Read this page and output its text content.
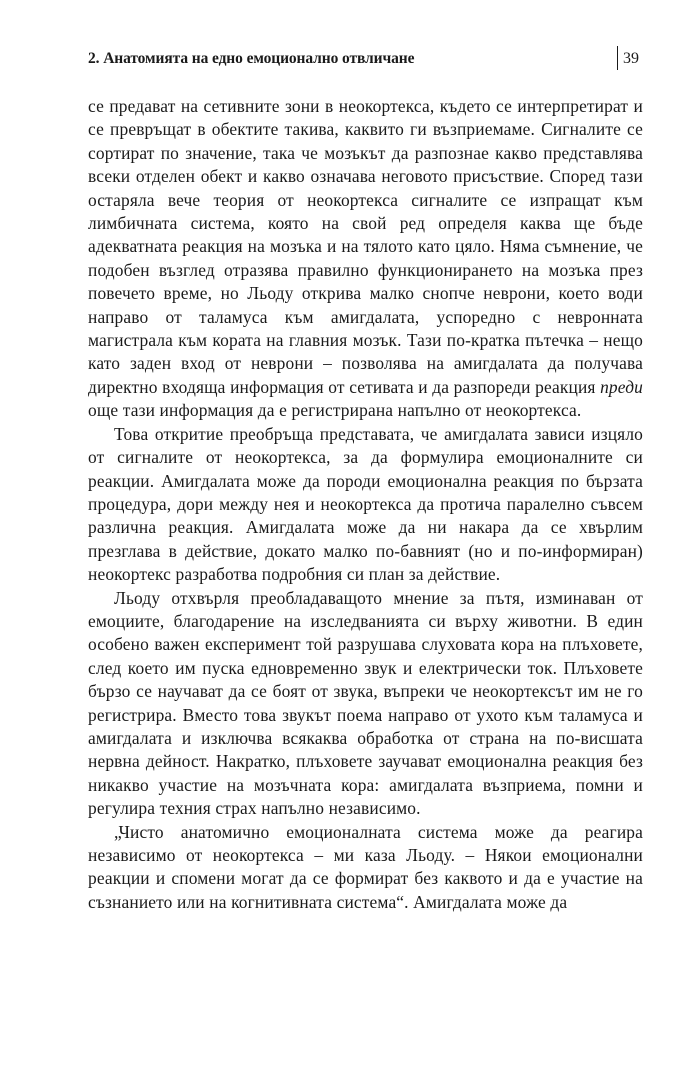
2. Анатомията на едно емоционално отвличане	39

се предават на сетивните зони в неокортекса, където се интерпретират и се превръщат в обектите такива, каквито ги възприемаме. Сигналите се сортират по значение, така че мозъкът да разпознае какво представлява всеки отделен обект и какво означава неговото присъствие. Според тази остаряла вече теория от неокортекса сигналите се изпращат към лимбичната система, която на свой ред определя каква ще бъде адекватната реакция на мозъка и на тялото като цяло. Няма съмнение, че подобен възглед отразява правилно функционирането на мозъка през повечето време, но Льоду открива малко снопче неврони, което води направо от таламуса към амигдалата, успоредно с невронната магистрала към кората на главния мозък. Тази по-кратка пътечка – нещо като заден вход от неврони – позволява на амигдалата да получава директно входяща информация от сетивата и да разпореди реакция преди още тази информация да е регистрирана напълно от неокортекса.

Това откритие преобръща представата, че амигдалата зависи изцяло от сигналите от неокортекса, за да формулира емоционалните си реакции. Амигдалата може да породи емоционална реакция по бързата процедура, дори между нея и неокортекса да протича паралелно съвсем различна реакция. Амигдалата може да ни накара да се хвърлим презглава в действие, докато малко по-бавният (но и по-информиран) неокортекс разработва подробния си план за действие.

Льоду отхвърля преобладаващото мнение за пътя, изминаван от емоциите, благодарение на изследванията си върху животни. В един особено важен експеримент той разрушава слуховата кора на плъховете, след което им пуска едновременно звук и електрически ток. Плъховете бързо се научават да се боят от звука, въпреки че неокортексът им не го регистрира. Вместо това звукът поема направо от ухото към таламуса и амигдалата и изключва всякаква обработка от страна на по-висшата нервна дейност. Накратко, плъховете заучават емоционална реакция без никакво участие на мозъчната кора: амигдалата възприема, помни и регулира техния страх напълно независимо.

„Чисто анатомично емоционалната система може да реагира независимо от неокортекса – ми каза Льоду. – Някои емоционални реакции и спомени могат да се формират без каквото и да е участие на съзнанието или на когнитивната система“. Амигдалата може да
